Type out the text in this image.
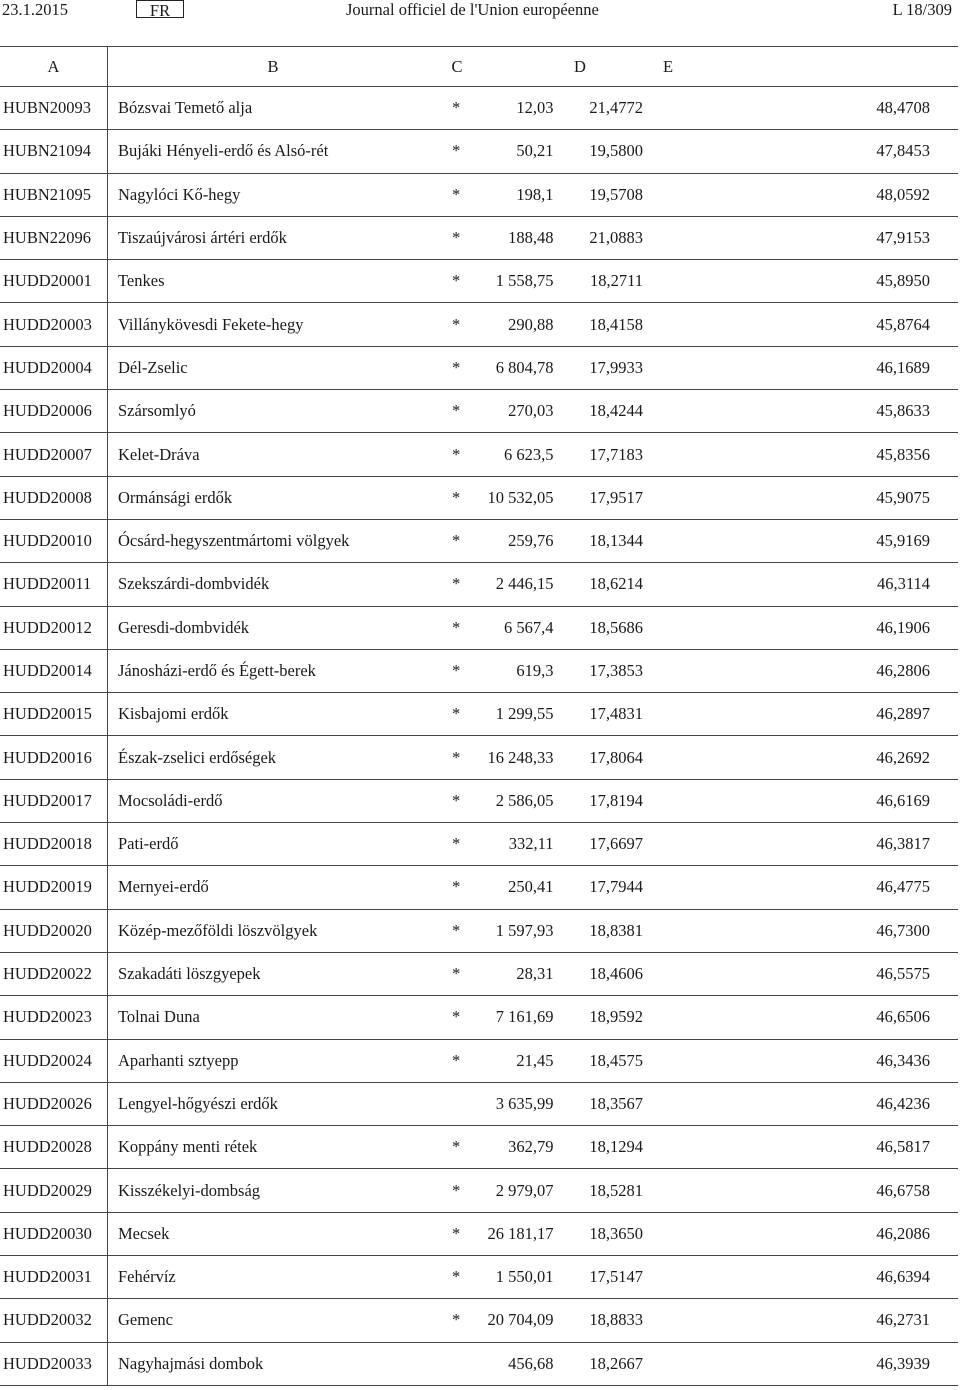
23.1.2015	FR	Journal officiel de l'Union européenne	L 18/309
A	B	C	D		E
HUBN20093	Bózsvai Temető alja	*	12,03	21,4772	48,4708
HUBN21094	Bujáki Hényeli-erdő és Alsó-rét	*	50,21	19,5800	47,8453
HUBN21095	Nagylóci Kő-hegy	*	198,1	19,5708	48,0592
HUBN22096	Tiszaújvárosi ártéri erdők	*	188,48	21,0883	47,9153
HUDD20001	Tenkes	*	1 558,75	18,2711	45,8950
HUDD20003	Villánykövesdi Fekete-hegy	*	290,88	18,4158	45,8764
HUDD20004	Dél-Zselic	*	6 804,78	17,9933	46,1689
HUDD20006	Szársomlyó	*	270,03	18,4244	45,8633
HUDD20007	Kelet-Dráva	*	6 623,5	17,7183	45,8356
HUDD20008	Ormánsági erdők	*	10 532,05	17,9517	45,9075
HUDD20010	Ócsárd-hegyszentmártomi völgyek	*	259,76	18,1344	45,9169
HUDD20011	Szekszárdi-dombvidék	*	2 446,15	18,6214	46,3114
HUDD20012	Geresdi-dombvidék	*	6 567,4	18,5686	46,1906
HUDD20014	Jánosházi-erdő és Égett-berek	*	619,3	17,3853	46,2806
HUDD20015	Kisbajomi erdők	*	1 299,55	17,4831	46,2897
HUDD20016	Észak-zselici erdőségek	*	16 248,33	17,8064	46,2692
HUDD20017	Mocsoládi-erdő	*	2 586,05	17,8194	46,6169
HUDD20018	Pati-erdő	*	332,11	17,6697	46,3817
HUDD20019	Mernyei-erdő	*	250,41	17,7944	46,4775
HUDD20020	Közép-mezőföldi löszvölgyek	*	1 597,93	18,8381	46,7300
HUDD20022	Szakadáti löszgyepek	*	28,31	18,4606	46,5575
HUDD20023	Tolnai Duna	*	7 161,69	18,9592	46,6506
HUDD20024	Aparhanti sztyepp	*	21,45	18,4575	46,3436
HUDD20026	Lengyel-hőgyészi erdők		3 635,99	18,3567	46,4236
HUDD20028	Koppány menti rétek	*	362,79	18,1294	46,5817
HUDD20029	Kisszékelyi-dombság	*	2 979,07	18,5281	46,6758
HUDD20030	Mecsek	*	26 181,17	18,3650	46,2086
HUDD20031	Fehérvíz	*	1 550,01	17,5147	46,6394
HUDD20032	Gemenc	*	20 704,09	18,8833	46,2731
HUDD20033	Nagyhajmási dombok		456,68	18,2667	46,3939
